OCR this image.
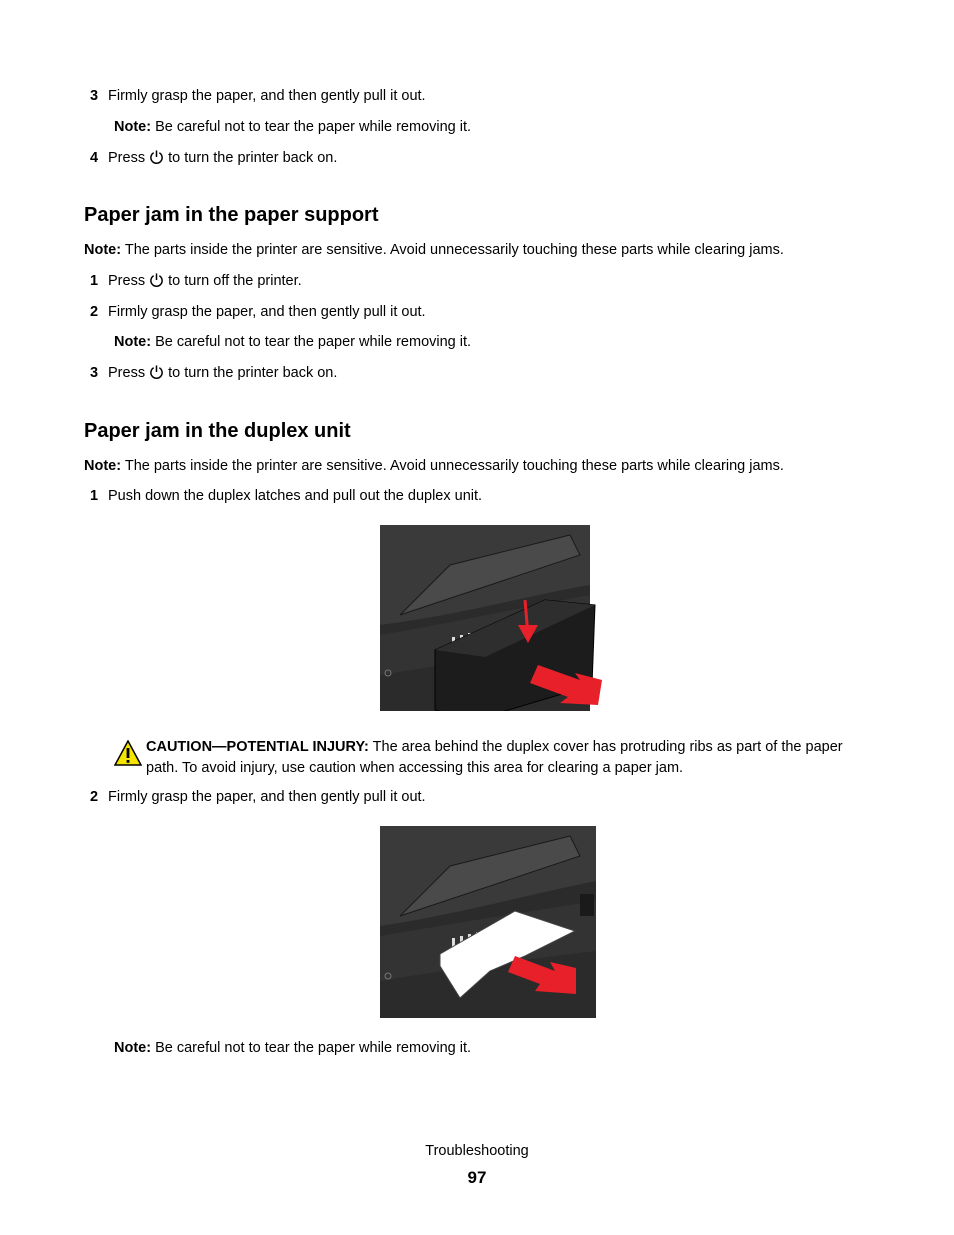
3 Firmly grasp the paper, and then gently pull it out.
Note: Be careful not to tear the paper while removing it.
4 Press to turn the printer back on.
Paper jam in the paper support
Note: The parts inside the printer are sensitive. Avoid unnecessarily touching these parts while clearing jams.
1 Press to turn off the printer.
2 Firmly grasp the paper, and then gently pull it out.
Note: Be careful not to tear the paper while removing it.
3 Press to turn the printer back on.
Paper jam in the duplex unit
Note: The parts inside the printer are sensitive. Avoid unnecessarily touching these parts while clearing jams.
1 Push down the duplex latches and pull out the duplex unit.
CAUTION—POTENTIAL INJURY: The area behind the duplex cover has protruding ribs as part of the paper path. To avoid injury, use caution when accessing this area for clearing a paper jam.
2 Firmly grasp the paper, and then gently pull it out.
Note: Be careful not to tear the paper while removing it.
Troubleshooting
97
